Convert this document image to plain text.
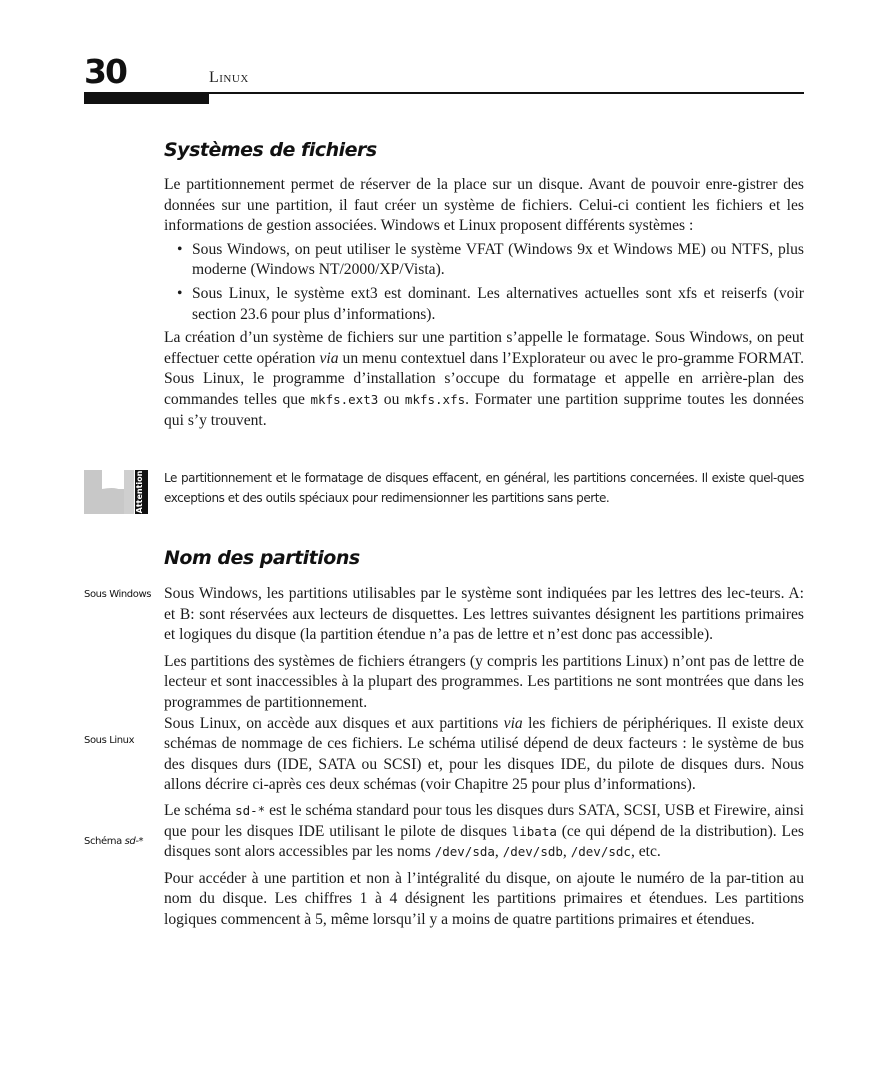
30	Linux
Systèmes de fichiers

Le partitionnement permet de réserver de la place sur un disque. Avant de pouvoir enre-gistrer des données sur une partition, il faut créer un système de fichiers. Celui-ci contient les fichiers et les informations de gestion associées. Windows et Linux proposent différents systèmes :

• Sous Windows, on peut utiliser le système VFAT (Windows 9x et Windows ME) ou NTFS, plus moderne (Windows NT/2000/XP/Vista).
• Sous Linux, le système ext3 est dominant. Les alternatives actuelles sont xfs et reiserfs (voir section 23.6 pour plus d’informations).

La création d’un système de fichiers sur une partition s’appelle le formatage. Sous Windows, on peut effectuer cette opération via un menu contextuel dans l’Explorateur ou avec le pro-gramme FORMAT. Sous Linux, le programme d’installation s’occupe du formatage et appelle en arrière-plan des commandes telles que mkfs.ext3 ou mkfs.xfs. Formater une partition supprime toutes les données qui s’y trouvent.

Attention Le partitionnement et le formatage de disques effacent, en général, les partitions concernées. Il existe quel-ques exceptions et des outils spéciaux pour redimensionner les partitions sans perte.
Nom des partitions
Sous Windows
Sous Linux
Schéma sd-*

Sous Windows, les partitions utilisables par le système sont indiquées par les lettres des lec-teurs. A: et B: sont réservées aux lecteurs de disquettes. Les lettres suivantes désignent les partitions primaires et logiques du disque (la partition étendue n’a pas de lettre et n’est donc pas accessible).

Les partitions des systèmes de fichiers étrangers (y compris les partitions Linux) n’ont pas de lettre de lecteur et sont inaccessibles à la plupart des programmes. Les partitions ne sont montrées que dans les programmes de partitionnement.

Sous Linux, on accède aux disques et aux partitions via les fichiers de périphériques. Il existe deux schémas de nommage de ces fichiers. Le schéma utilisé dépend de deux facteurs : le système de bus des disques durs (IDE, SATA ou SCSI) et, pour les disques IDE, du pilote de disques durs. Nous allons décrire ci-après ces deux schémas (voir Chapitre 25 pour plus d’informations).

Le schéma sd-* est le schéma standard pour tous les disques durs SATA, SCSI, USB et Firewire, ainsi que pour les disques IDE utilisant le pilote de disques libata (ce qui dépend de la distribution). Les disques sont alors accessibles par les noms /dev/sda, /dev/sdb, /dev/sdc, etc.

Pour accéder à une partition et non à l’intégralité du disque, on ajoute le numéro de la par-tition au nom du disque. Les chiffres 1 à 4 désignent les partitions primaires et étendues. Les partitions logiques commencent à 5, même lorsqu’il y a moins de quatre partitions primaires et étendues.
